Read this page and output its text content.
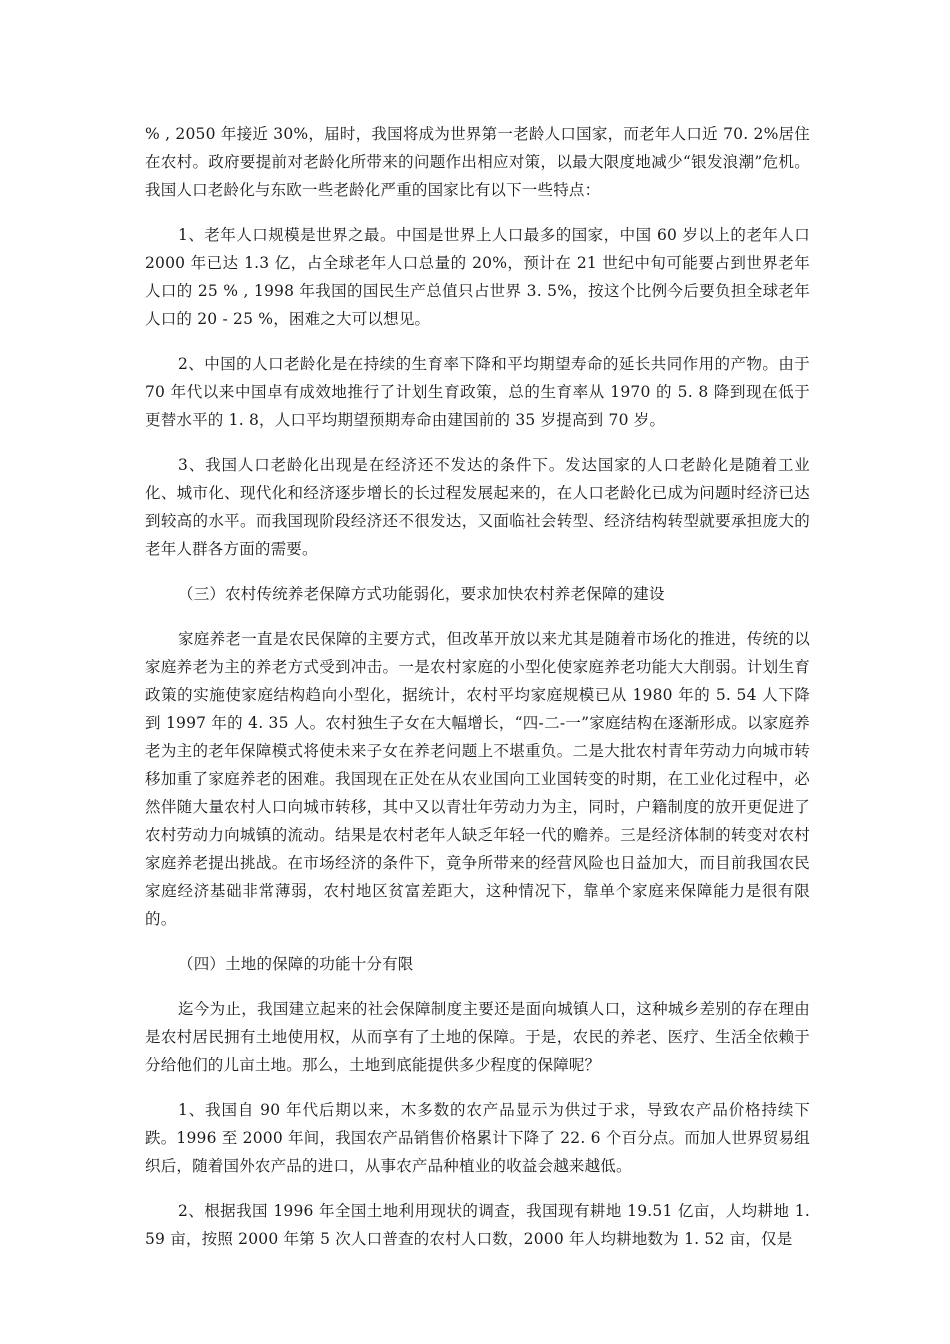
% , 2050 年接近 30%，届时，我国将成为世界第一老龄人口国家，而老年人口近 70. 2%居住在农村。政府要提前对老龄化所带来的问题作出相应对策，以最大限度地减少“银发浪潮”危机。我国人口老龄化与东欧一些老龄化严重的国家比有以下一些特点：

1、老年人口规模是世界之最。中国是世界上人口最多的国家，中国 60 岁以上的老年人口 2000 年已达 1.3 亿，占全球老年人口总量的 20%，预计在 21 世纪中旬可能要占到世界老年人口的 25 % , 1998 年我国的国民生产总值只占世界 3. 5%，按这个比例今后要负担全球老年人口的 20 - 25 %，困难之大可以想见。

2、中国的人口老龄化是在持续的生育率下降和平均期望寿命的延长共同作用的产物。由于 70 年代以来中国卓有成效地推行了计划生育政策，总的生育率从 1970 的 5. 8 降到现在低于更替水平的 1. 8，人口平均期望预期寿命由建国前的 35 岁提高到 70 岁。

3、我国人口老龄化出现是在经济还不发达的条件下。发达国家的人口老龄化是随着工业化、城市化、现代化和经济逐步增长的长过程发展起来的，在人口老龄化已成为问题时经济已达到较高的水平。而我国现阶段经济还不很发达，又面临社会转型、经济结构转型就要承担庞大的老年人群各方面的需要。

（三）农村传统养老保障方式功能弱化，要求加快农村养老保障的建设

家庭养老一直是农民保障的主要方式，但改革开放以来尤其是随着市场化的推进，传统的以家庭养老为主的养老方式受到冲击。一是农村家庭的小型化使家庭养老功能大大削弱。计划生育政策的实施使家庭结构趋向小型化，据统计，农村平均家庭规模已从 1980 年的 5. 54 人下降到 1997 年的 4. 35 人。农村独生子女在大幅增长，“四-二-一”家庭结构在逐渐形成。以家庭养老为主的老年保障模式将使未来子女在养老问题上不堪重负。二是大批农村青年劳动力向城市转移加重了家庭养老的困难。我国现在正处在从农业国向工业国转变的时期，在工业化过程中，必然伴随大量农村人口向城市转移，其中又以青壮年劳动力为主，同时，户籍制度的放开更促进了农村劳动力向城镇的流动。结果是农村老年人缺乏年轻一代的赡养。三是经济体制的转变对农村家庭养老提出挑战。在市场经济的条件下，竟争所带来的经营风险也日益加大，而目前我国农民家庭经济基础非常薄弱，农村地区贫富差距大，这种情况下，靠单个家庭来保障能力是很有限的。

（四）土地的保障的功能十分有限

迄今为止，我国建立起来的社会保障制度主要还是面向城镇人口，这种城乡差别的存在理由是农村居民拥有土地使用权，从而享有了土地的保障。于是，农民的养老、医疗、生活全依赖于分给他们的儿亩土地。那么，土地到底能提供多少程度的保障呢？

1、我国自 90 年代后期以来，木多数的农产品显示为供过于求，导致农产品价格持续下跌。1996 至 2000 年间，我国农产品销售价格累计下降了 22. 6 个百分点。而加人世界贸易组织后，随着国外农产品的进口，从事农产品种植业的收益会越来越低。

2、根据我国 1996 年全国土地利用现状的调查，我国现有耕地 19.51 亿亩，人均耕地 1. 59 亩，按照 2000 年第 5 次人口普查的农村人口数，2000 年人均耕地数为 1. 52 亩，仅是
